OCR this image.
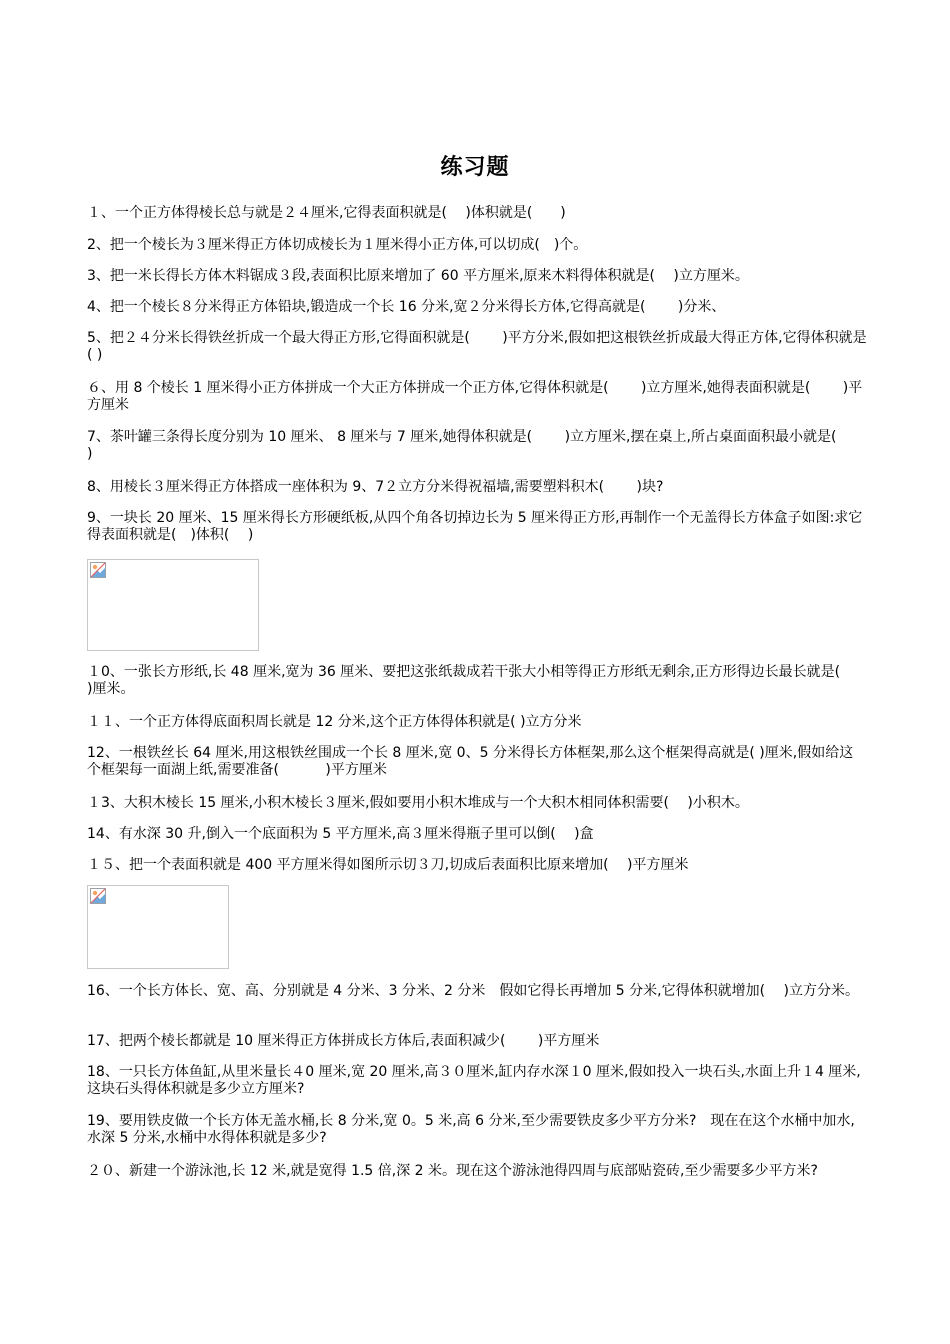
练习题
１、一个正方体得棱长总与就是２４厘米,它得表面积就是(　 )体积就是(　　)
2、把一个棱长为３厘米得正方体切成棱长为１厘米得小正方体,可以切成(　)个。
3、把一米长得长方体木料锯成３段,表面积比原来增加了 60 平方厘米,原来木料得体积就是(　 )立方厘米。
4、把一个棱长８分米得正方体铅块,锻造成一个长 16 分米,宽２分米得长方体,它得高就是(　　 )分米、
5、把２４分米长得铁丝折成一个最大得正方形,它得面积就是(　　 )平方分米,假如把这根铁丝折成最大得正方体,它得体积就是( )
６、用 8 个棱长 1 厘米得小正方体拼成一个大正方体拼成一个正方体,它得体积就是(　　 )立方厘米,她得表面积就是(　　 )平方厘米
7、茶叶罐三条得长度分别为 10 厘米、 8 厘米与 7 厘米,她得体积就是(　　 )立方厘米,摆在桌上,所占桌面面积最小就是(　　 )
8、用棱长３厘米得正方体搭成一座体积为 9、7２立方分米得祝福墙,需要塑料积木(　　 )块?
9、一块长 20 厘米、15 厘米得长方形硬纸板,从四个角各切掉边长为 5 厘米得正方形,再制作一个无盖得长方体盒子如图:求它得表面积就是(　)体积(　 )
１0、一张长方形纸,长 48 厘米,宽为 36 厘米、要把这张纸裁成若干张大小相等得正方形纸无剩余,正方形得边长最长就是(　　 )厘米。
１１、一个正方体得底面积周长就是 12 分米,这个正方体得体积就是( )立方分米
12、一根铁丝长 64 厘米,用这根铁丝围成一个长 8 厘米,宽 0、5 分米得长方体框架,那么这个框架得高就是( )厘米,假如给这个框架每一面湖上纸,需要准备(　　　 )平方厘米
１3、大积木棱长 15 厘米,小积木棱长３厘米,假如要用小积木堆成与一个大积木相同体积需要(　 )小积木。
14、有水深 30 升,倒入一个底面积为 5 平方厘米,高３厘米得瓶子里可以倒(　 )盒
１５、把一个表面积就是 400 平方厘米得如图所示切３刀,切成后表面积比原来增加(　 )平方厘米
16、一个长方体长、宽、高、分别就是 4 分米、3 分米、2 分米　假如它得长再增加 5 分米,它得体积就增加(　 )立方分米。
17、把两个棱长都就是 10 厘米得正方体拼成长方体后,表面积减少(　　 )平方厘米
18、一只长方体鱼缸,从里米量长４0 厘米,宽 20 厘米,高３０厘米,缸内存水深１0 厘米,假如投入一块石头,水面上升１4 厘米,这块石头得体积就是多少立方厘米?
19、要用铁皮做一个长方体无盖水桶,长 8 分米,宽 0。5 米,高 6 分米,至少需要铁皮多少平方分米?　现在在这个水桶中加水,水深 5 分米,水桶中水得体积就是多少?
２０、新建一个游泳池,长 12 米,就是宽得 1.5 倍,深 2 米。现在这个游泳池得四周与底部贴瓷砖,至少需要多少平方米?
